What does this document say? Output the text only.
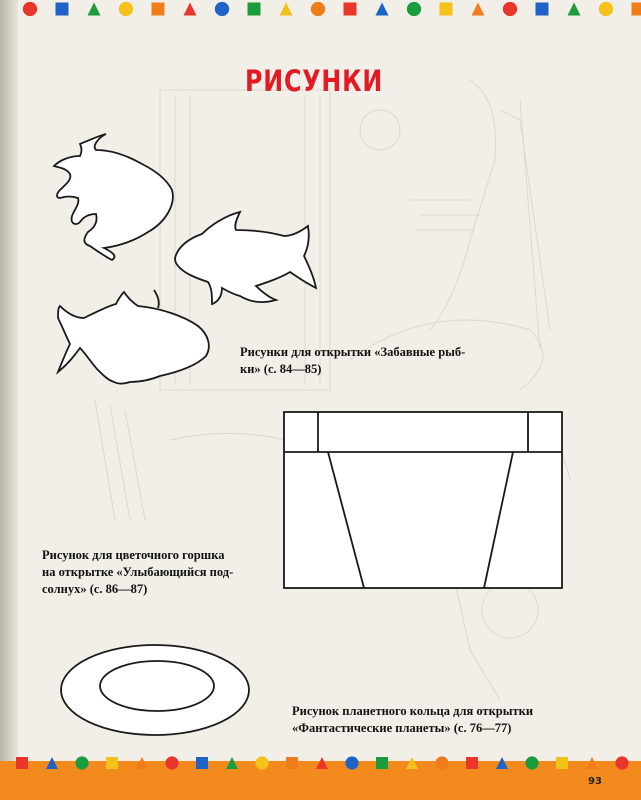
РИСУНКИ

Рисунки для открытки «Забавные рыб-
ки» (с. 84—85)

Рисунок для цветочного горшка
на открытке «Улыбающийся под-
солнух» (с. 86—87)

Рисунок планетного кольца для открытки
«Фантастические планеты» (с. 76—77)

93
